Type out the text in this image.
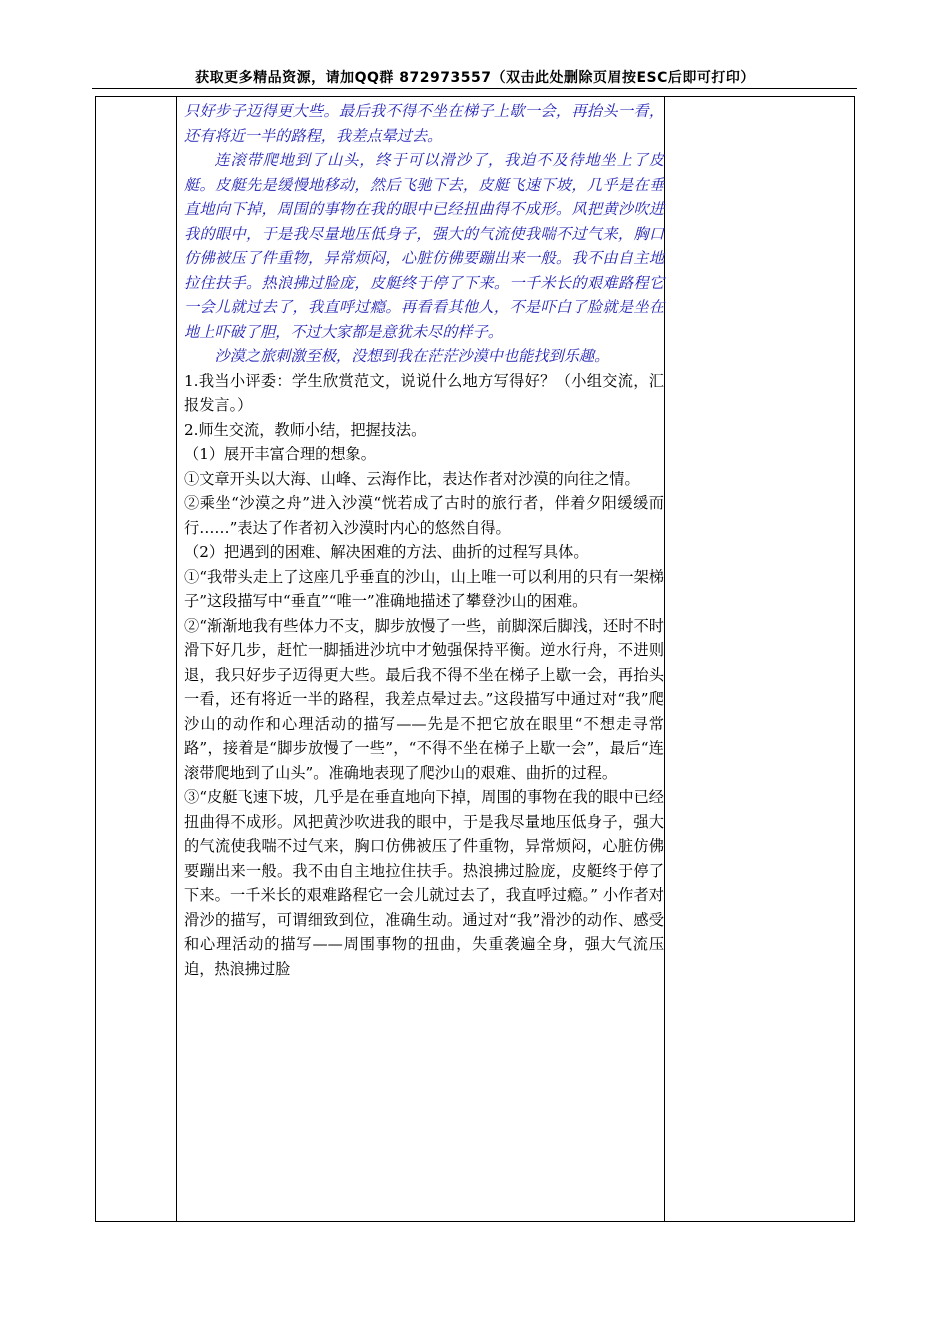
获取更多精品资源，请加QQ群 872973557（双击此处删除页眉按ESC后即可打印）

只好步子迈得更大些。最后我不得不坐在梯子上歇一会，再抬头一看，还有将近一半的路程，我差点晕过去。

连滚带爬地到了山头，终于可以滑沙了，我迫不及待地坐上了皮艇。皮艇先是缓慢地移动，然后飞驰下去，皮艇飞速下坡，几乎是在垂直地向下掉，周围的事物在我的眼中已经扭曲得不成形。风把黄沙吹进我的眼中，于是我尽量地压低身子，强大的气流使我喘不过气来，胸口仿佛被压了件重物，异常烦闷，心脏仿佛要蹦出来一般。我不由自主地拉住扶手。热浪拂过脸庞，皮艇终于停了下来。一千米长的艰难路程它一会儿就过去了，我直呼过瘾。再看看其他人，不是吓白了脸就是坐在地上吓破了胆，不过大家都是意犹未尽的样子。

沙漠之旅刺激至极，没想到我在茫茫沙漠中也能找到乐趣。

1.我当小评委：学生欣赏范文，说说什么地方写得好？（小组交流，汇报发言。）

2.师生交流，教师小结，把握技法。

（1）展开丰富合理的想象。

①文章开头以大海、山峰、云海作比，表达作者对沙漠的向往之情。

②乘坐“沙漠之舟”进入沙漠“恍若成了古时的旅行者，伴着夕阳缓缓而行……”表达了作者初入沙漠时内心的悠然自得。

（2）把遇到的困难、解决困难的方法、曲折的过程写具体。

①“我带头走上了这座几乎垂直的沙山，山上唯一可以利用的只有一架梯子”这段描写中“垂直”“唯一”准确地描述了攀登沙山的困难。

②“渐渐地我有些体力不支，脚步放慢了一些，前脚深后脚浅，还时不时滑下好几步，赶忙一脚插进沙坑中才勉强保持平衡。逆水行舟，不进则退，我只好步子迈得更大些。最后我不得不坐在梯子上歇一会，再抬头一看，还有将近一半的路程，我差点晕过去。”这段描写中通过对“我”爬沙山的动作和心理活动的描写——先是不把它放在眼里“不想走寻常路”，接着是“脚步放慢了一些”，“不得不坐在梯子上歇一会”，最后“连滚带爬地到了山头”。准确地表现了爬沙山的艰难、曲折的过程。

③“皮艇飞速下坡，几乎是在垂直地向下掉，周围的事物在我的眼中已经扭曲得不成形。风把黄沙吹进我的眼中，于是我尽量地压低身子，强大的气流使我喘不过气来，胸口仿佛被压了件重物，异常烦闷，心脏仿佛要蹦出来一般。我不由自主地拉住扶手。热浪拂过脸庞，皮艇终于停了下来。一千米长的艰难路程它一会儿就过去了，我直呼过瘾。” 小作者对滑沙的描写，可谓细致到位，准确生动。通过对“我”滑沙的动作、感受和心理活动的描写——周围事物的扭曲，失重袭遍全身，强大气流压迫，热浪拂过脸
